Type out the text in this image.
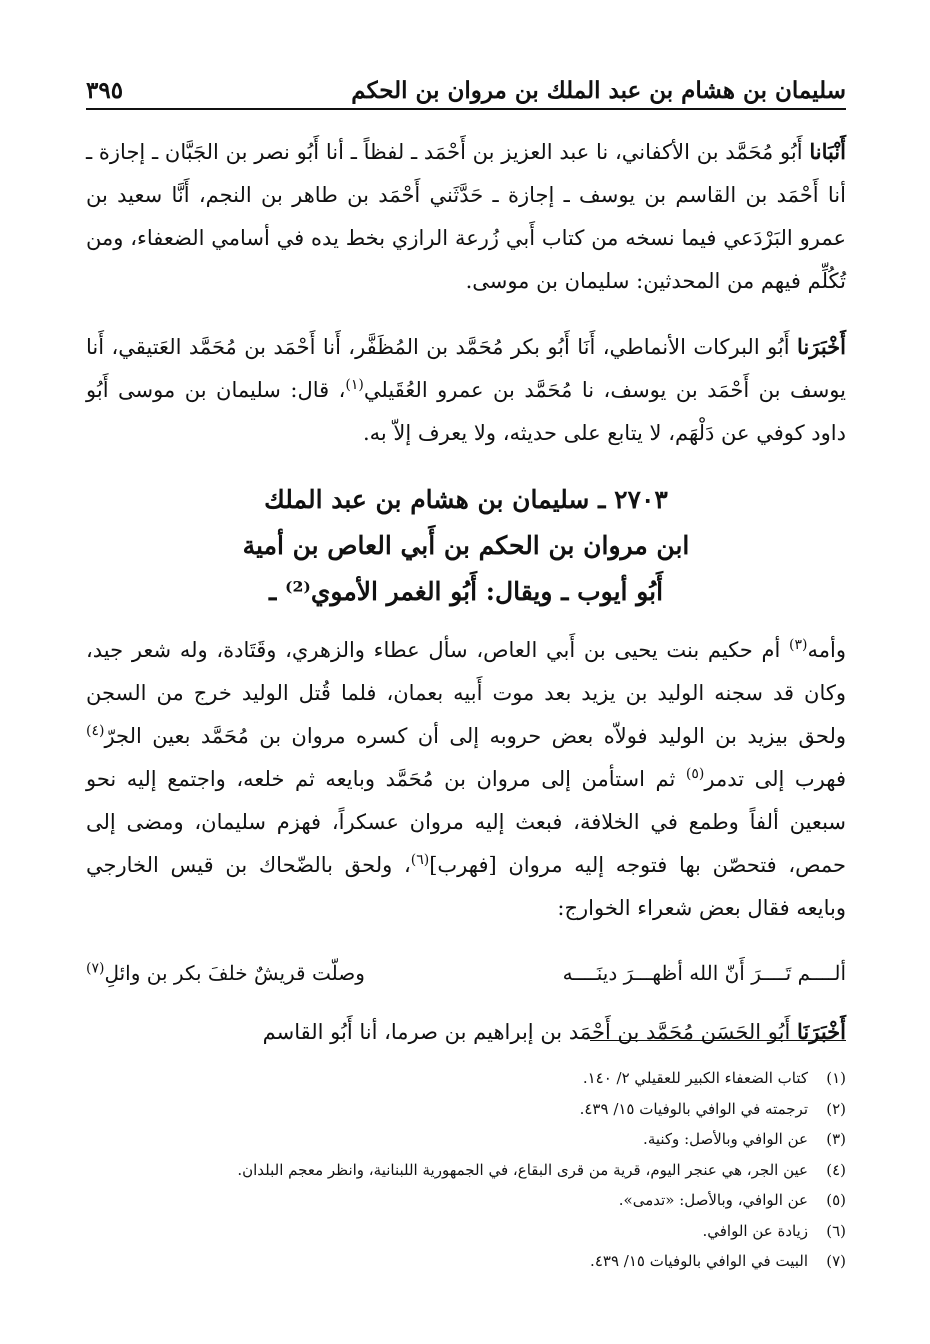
سليمان بن هشام بن عبد الملك بن مروان بن الحكم
٣٩٥

أَنْبَانا أَبُو مُحَمَّد بن الأكفاني، نا عبد العزيز بن أَحْمَد ـ لفظاً ـ أنا أَبُو نصر بن الجَبَّان ـ إجازة ـ أنا أَحْمَد بن القاسم بن يوسف ـ إجازة ـ حَدَّثَني أَحْمَد بن طاهر بن النجم، أَنَّا سعيد بن عمرو البَرْدَعي فيما نسخه من كتاب أَبي زُرعة الرازي بخط يده في أسامي الضعفاء، ومن تُكُلِّم فيهم من المحدثين: سليمان بن موسى.

أَخْبَرَنا أَبُو البركات الأنماطي، أَنَا أَبُو بكر مُحَمَّد بن المُظَفَّر، أَنا أَحْمَد بن مُحَمَّد العَتيقي، أَنا يوسف بن أَحْمَد بن يوسف، نا مُحَمَّد بن عمرو العُقَيلي$^{(١)}$، قال: سليمان بن موسى أَبُو داود كوفي عن دَلْهَم، لا يتابع على حديثه، ولا يعرف إلاّ به.

٢٧٠٣ ـ سليمان بن هشام بن عبد الملك
ابن مروان بن الحكم بن أَبي العاص بن أمية
أَبُو أيوب ـ ويقال: أَبُو الغمر الأموي⁽²⁾ ـ

وأمه$^{(٣)}$ أم حكيم بنت يحيى بن أَبي العاص، سأل عطاء والزهري، وقَتَادة، وله شعر جيد، وكان قد سجنه الوليد بن يزيد بعد موت أَبيه بعمان، فلما قُتل الوليد خرج من السجن ولحق بيزيد بن الوليد فولاّه بعض حروبه إلى أن كسره مروان بن مُحَمَّد بعين الجرّ$^{(٤)}$ فهرب إلى تدمر$^{(٥)}$ ثم استأمن إلى مروان بن مُحَمَّد وبايعه ثم خلعه، واجتمع إليه نحو سبعين ألفاً وطمع في الخلافة، فبعث إليه مروان عسكراً، فهزم سليمان، ومضى إلى حمص، فتحصّن بها فتوجه إليه مروان [فهرب]$^{(٦)}$، ولحق بالضّحاك بن قيس الخارجي وبايعه فقال بعض شعراء الخوارج:

ألــــم تَــــرَ أَنّ الله أظهـــرَ دينَــــه
وصلّت قريشٌ خلفَ بكر بن وائلِ$^{(٧)}$

أَخْبَرَنَا أَبُو الحَسَن مُحَمَّد بن أَحْمَد بن إبراهيم بن صرما، أنا أَبُو القاسم

(١)
كتاب الضعفاء الكبير للعقيلي ٢/ ١٤٠.
(٢)
ترجمته في الوافي بالوفيات ١٥/ ٤٣٩.
(٣)
عن الوافي وبالأصل: وكنية.
(٤)
عين الجر، هي عنجر اليوم، قرية من قرى البقاع، في الجمهورية اللبنانية، وانظر معجم البلدان.
(٥)
عن الوافي، وبالأصل: «تدمى».
(٦)
زيادة عن الوافي.
(٧)
البيت في الوافي بالوفيات ١٥/ ٤٣٩.
